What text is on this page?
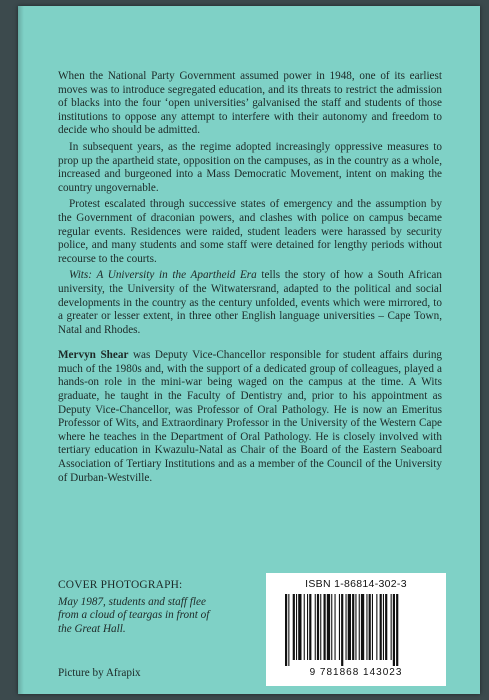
When the National Party Government assumed power in 1948, one of its earliest moves was to introduce segregated education, and its threats to restrict the admission of blacks into the four ‘open universities’ galvanised the staff and students of those institutions to oppose any attempt to interfere with their autonomy and freedom to decide who should be admitted.

In subsequent years, as the regime adopted increasingly oppressive measures to prop up the apartheid state, opposition on the campuses, as in the country as a whole, increased and burgeoned into a Mass Democratic Movement, intent on making the country ungovernable.

Protest escalated through successive states of emergency and the assumption by the Government of draconian powers, and clashes with police on campus became regular events. Residences were raided, student leaders were harassed by security police, and many students and some staff were detained for lengthy periods without recourse to the courts.

Wits: A University in the Apartheid Era tells the story of how a South African university, the University of the Witwatersrand, adapted to the political and social developments in the country as the century unfolded, events which were mirrored, to a greater or lesser extent, in three other English language universities – Cape Town, Natal and Rhodes.

Mervyn Shear was Deputy Vice-Chancellor responsible for student affairs during much of the 1980s and, with the support of a dedicated group of colleagues, played a hands-on role in the mini-war being waged on the campus at the time. A Wits graduate, he taught in the Faculty of Dentistry and, prior to his appointment as Deputy Vice-Chancellor, was Professor of Oral Pathology. He is now an Emeritus Professor of Wits, and Extraordinary Professor in the University of the Western Cape where he teaches in the Department of Oral Pathology. He is closely involved with tertiary education in Kwazulu-Natal as Chair of the Board of the Eastern Seaboard Association of Tertiary Institutions and as a member of the Council of the University of Durban-Westville.

COVER PHOTOGRAPH:
May 1987, students and staff flee from a cloud of teargas in front of the Great Hall.
Picture by Afrapix
ISBN 1-86814-302-3
9 781868 143023
